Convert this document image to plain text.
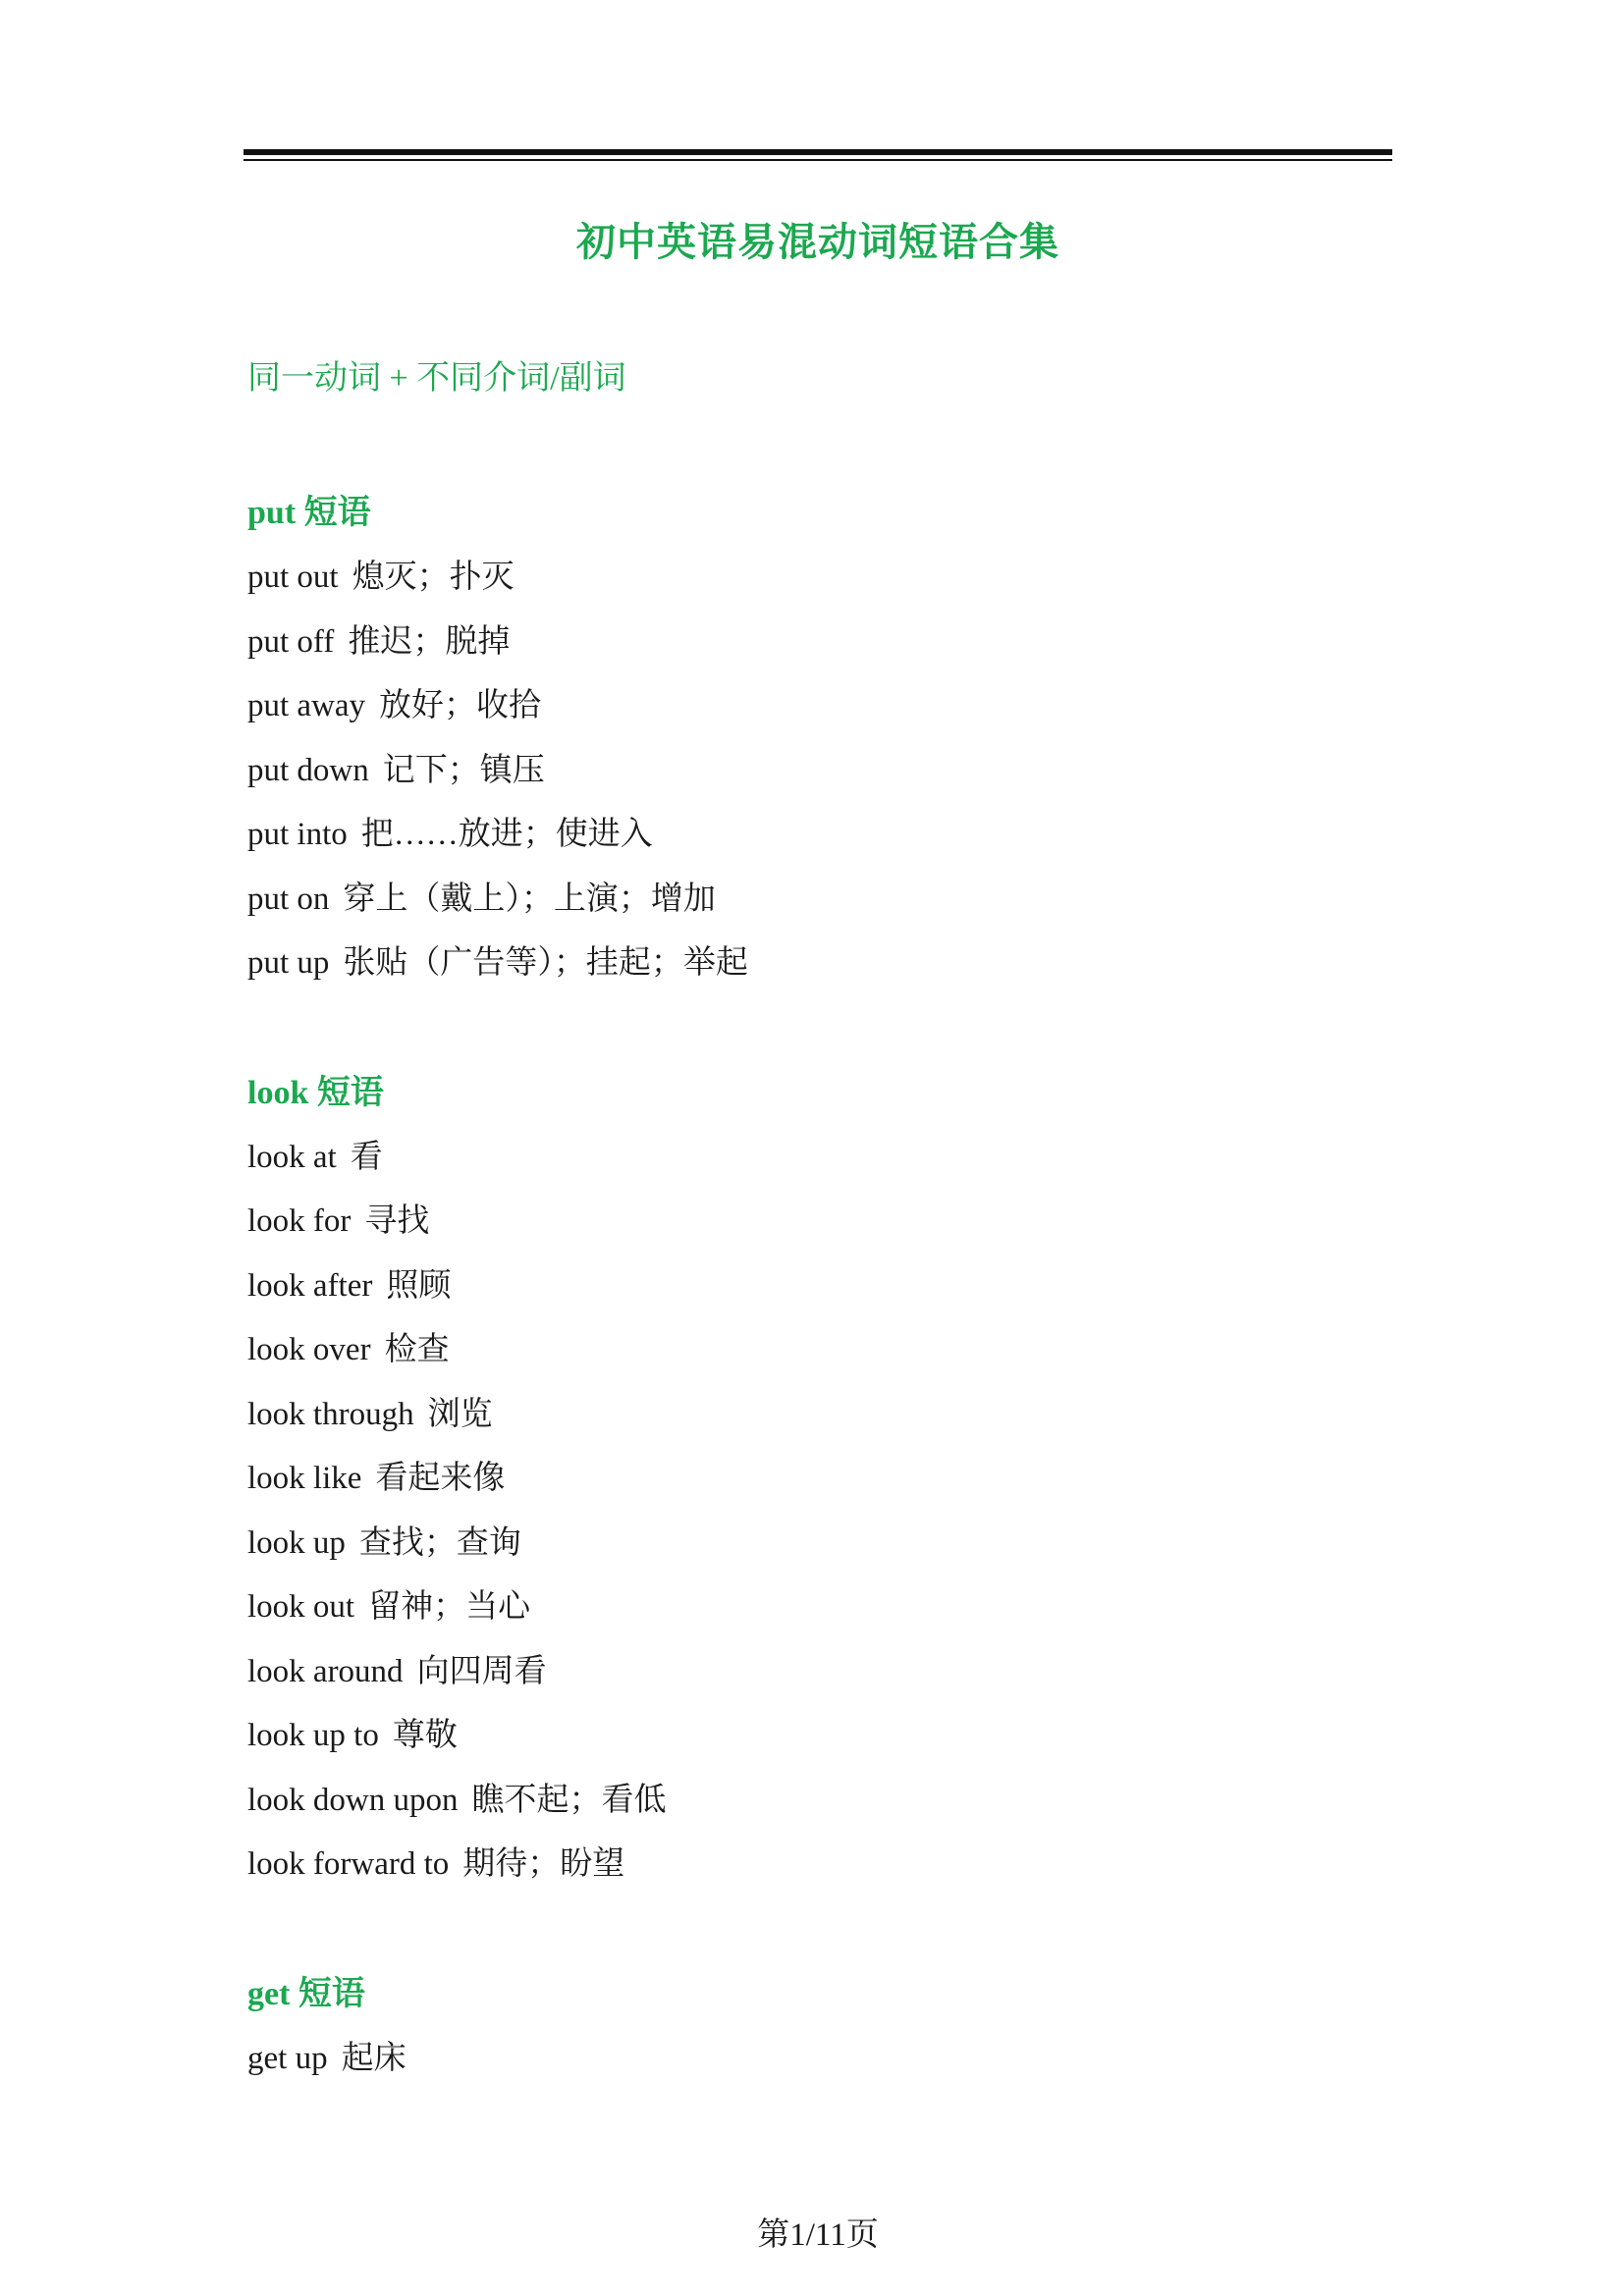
初中英语易混动词短语合集
同一动词 + 不同介词/副词
put 短语
put out 熄灭；扑灭
put off 推迟；脱掉
put away 放好；收拾
put down 记下；镇压
put into 把……放进；使进入
put on 穿上（戴上）；上演；增加
put up 张贴（广告等）；挂起；举起
look 短语
look at 看
look for 寻找
look after 照顾
look over 检查
look through 浏览
look like 看起来像
look up 查找；查询
look out 留神；当心
look around 向四周看
look up to 尊敬
look down upon 瞧不起；看低
look forward to 期待；盼望
get 短语
get up 起床
第1/11页
